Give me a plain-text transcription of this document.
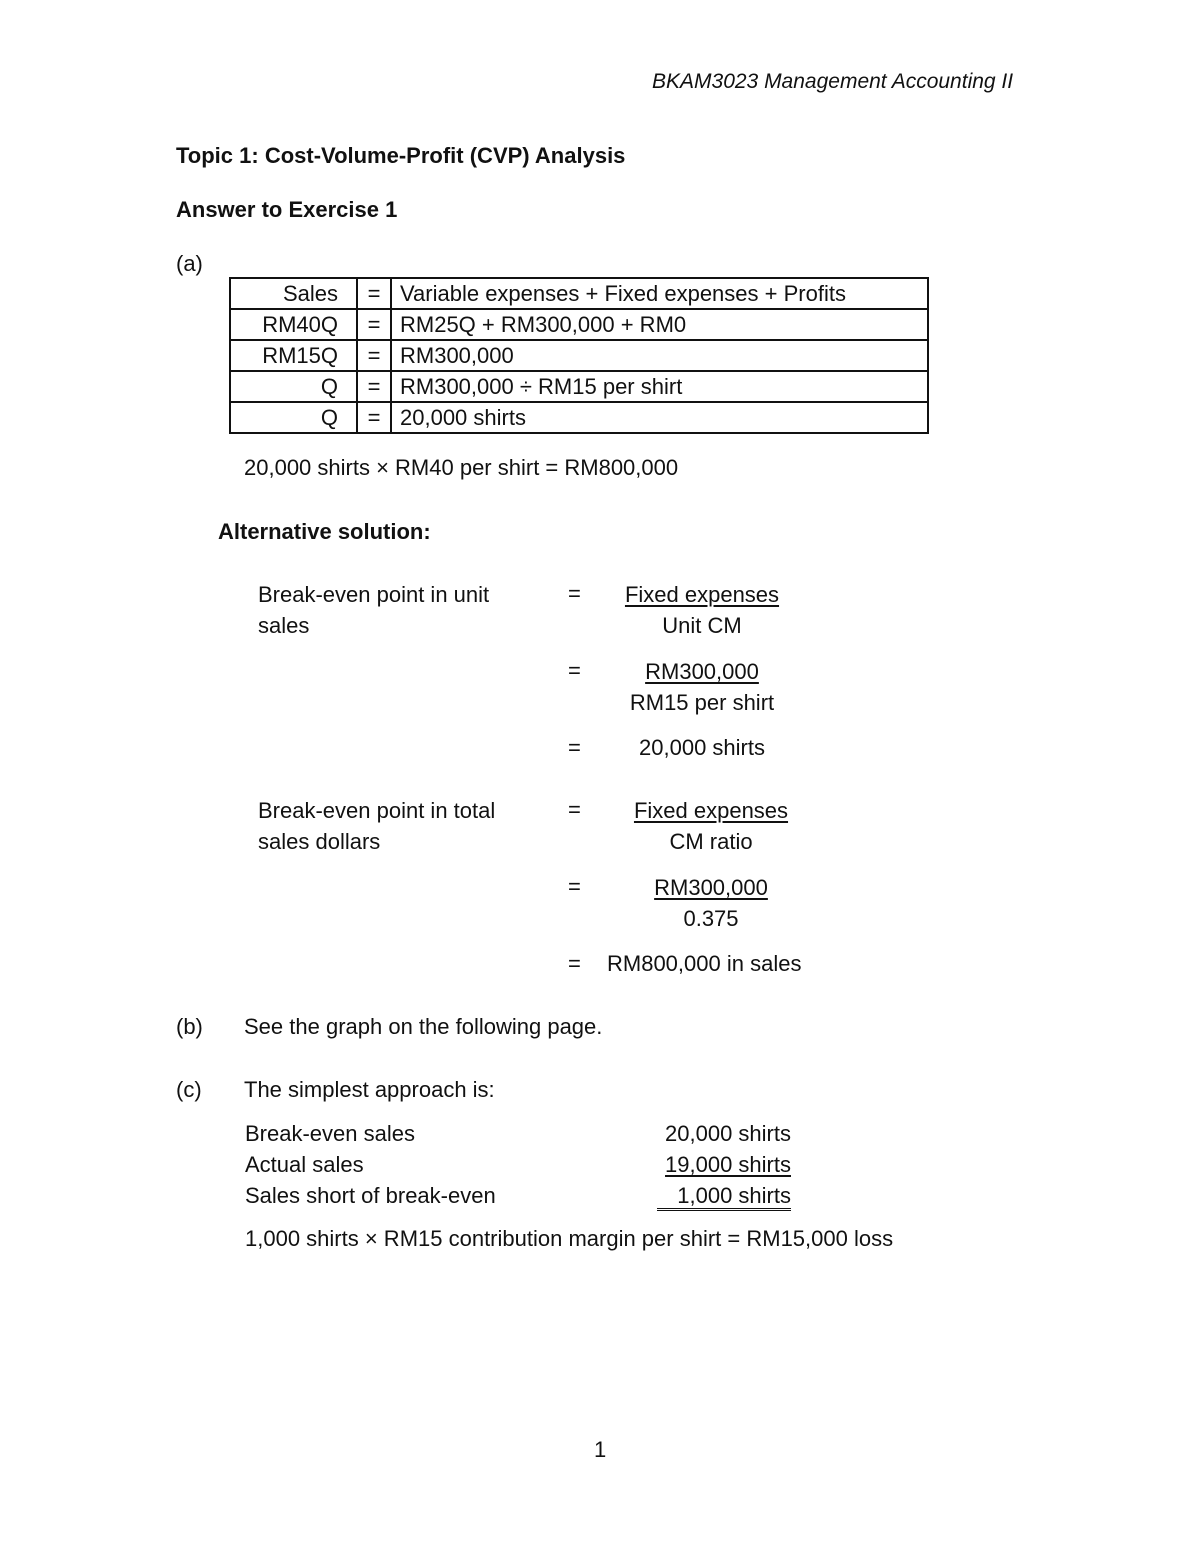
BKAM3023 Management Accounting II
Topic 1: Cost-Volume-Profit (CVP) Analysis
Answer to Exercise 1
(a)
Sales	=	Variable expenses + Fixed expenses + Profits
RM40Q	=	RM25Q + RM300,000 + RM0
RM15Q	=	RM300,000
Q	=	RM300,000 ÷ RM15 per shirt
Q	=	20,000 shirts
20,000 shirts × RM40 per shirt = RM800,000
Alternative solution:
Break-even point in unit sales
=	Fixed expenses
Unit CM
=	RM300,000
RM15 per shirt
=	20,000 shirts
Break-even point in total sales dollars
=	Fixed expenses
CM ratio
= $\frac{RM300,000}{0.375}$
= RM800,000 in sales
(b) See the graph on the following page.
(c) The simplest approach is:
Break-even sales	20,000 shirts
Actual sales	19,000 shirts
Sales short of break-even	1,000 shirts
1,000 shirts × RM15 contribution margin per shirt = RM15,000 loss
1
